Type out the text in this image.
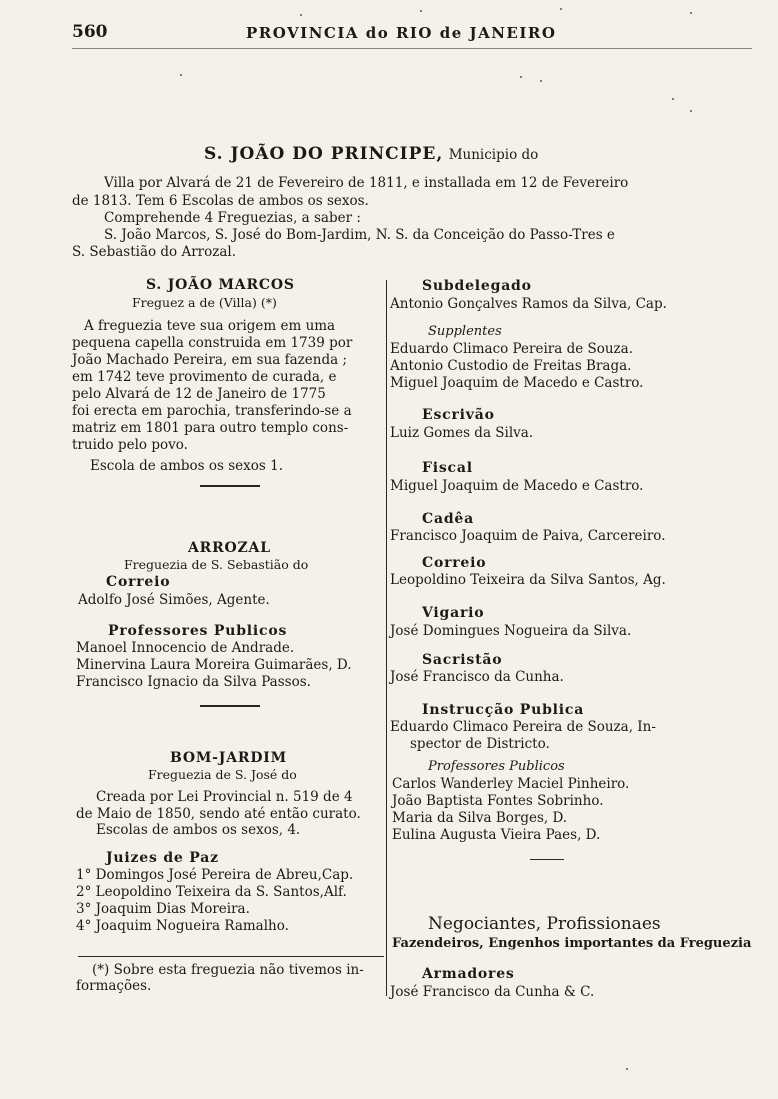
560	PROVINCIA do RIO de JANEIRO
S. JOÃO DO PRINCIPE, Municipio do
Villa por Alvará de 21 de Fevereiro de 1811, e installada em 12 de Fevereiro
de 1813. Tem 6 Escolas de ambos os sexos.
Comprehende 4 Freguezias, a saber :
S. João Marcos, S. José do Bom-Jardim, N. S. da Conceição do Passo-Tres e
S. Sebastião do Arrozal.
S. JOÃO MARCOS
Freguez a de (Villa) (*)
A freguezia teve sua origem em uma
pequena capella construida em 1739 por
João Machado Pereira, em sua fazenda ;
em 1742 teve provimento de curada, e
pelo Alvará de 12 de Janeiro de 1775
foi erecta em parochia, transferindo-se a
matriz em 1801 para outro templo cons-
truido pelo povo.
Escola de ambos os sexos 1.
ARROZAL
Freguezia de S. Sebastião do
Correio
Adolfo José Simões, Agente.
Professores Publicos
Manoel Innocencio de Andrade.
Minervina Laura Moreira Guimarães, D.
Francisco Ignacio da Silva Passos.
BOM-JARDIM
Freguezia de S. José do
Creada por Lei Provincial n. 519 de 4
de Maio de 1850, sendo até então curato.
Escolas de ambos os sexos, 4.
Juizes de Paz
1° Domingos José Pereira de Abreu,Cap.
2° Leopoldino Teixeira da S. Santos,Alf.
3° Joaquim Dias Moreira.
4° Joaquim Nogueira Ramalho.
(*) Sobre esta freguezia não tivemos in-
formações.
Subdelegado
Antonio Gonçalves Ramos da Silva, Cap.
Supplentes
Eduardo Climaco Pereira de Souza.
Antonio Custodio de Freitas Braga.
Miguel Joaquim de Macedo e Castro.
Escrivão
Luiz Gomes da Silva.
Fiscal
Miguel Joaquim de Macedo e Castro.
Cadêa
Francisco Joaquim de Paiva, Carcereiro.
Correio
Leopoldino Teixeira da Silva Santos, Ag.
Vigario
José Domingues Nogueira da Silva.
Sacristão
José Francisco da Cunha.
Instrucção Publica
Eduardo Climaco Pereira de Souza, In-
spector de Districto.
Professores Publicos
Carlos Wanderley Maciel Pinheiro.
João Baptista Fontes Sobrinho.
Maria da Silva Borges, D.
Eulina Augusta Vieira Paes, D.
Negociantes, Profissionaes
Fazendeiros, Engenhos importantes da Freguezia
Armadores
José Francisco da Cunha & C.
